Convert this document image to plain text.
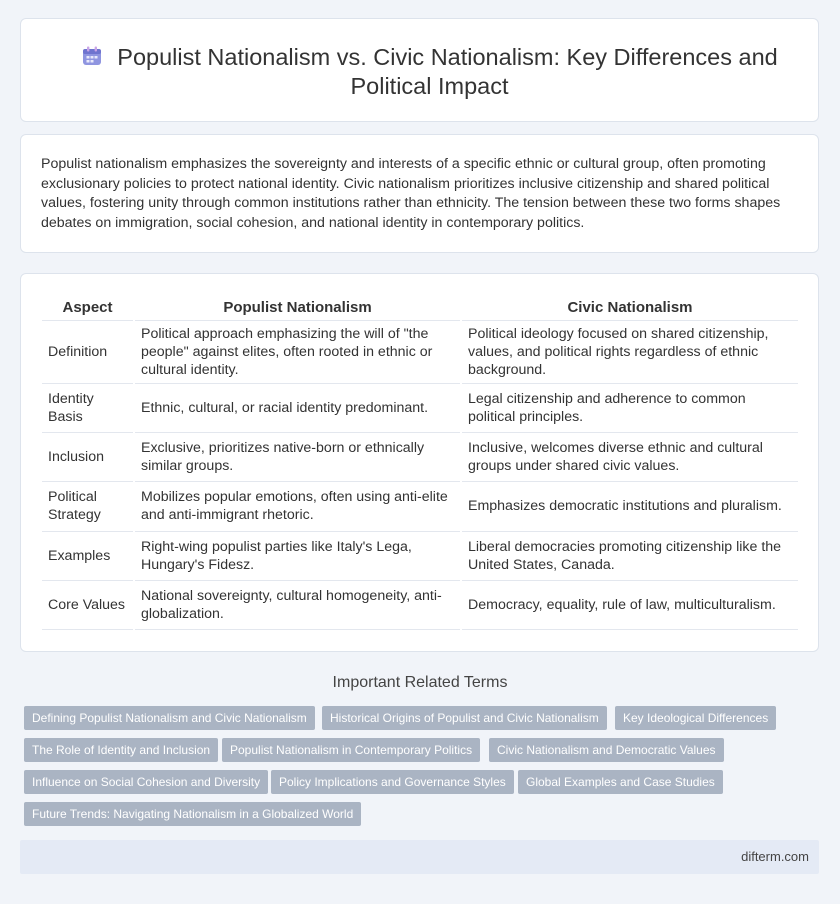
Populist Nationalism vs. Civic Nationalism: Key Differences and Political Impact

Populist nationalism emphasizes the sovereignty and interests of a specific ethnic or cultural group, often promoting exclusionary policies to protect national identity. Civic nationalism prioritizes inclusive citizenship and shared political values, fostering unity through common institutions rather than ethnicity. The tension between these two forms shapes debates on immigration, social cohesion, and national identity in contemporary politics.

Aspect	Populist Nationalism	Civic Nationalism
Definition	Political approach emphasizing the will of "the people" against elites, often rooted in ethnic or cultural identity.	Political ideology focused on shared citizenship, values, and political rights regardless of ethnic background.
Identity Basis	Ethnic, cultural, or racial identity predominant.	Legal citizenship and adherence to common political principles.
Inclusion	Exclusive, prioritizes native-born or ethnically similar groups.	Inclusive, welcomes diverse ethnic and cultural groups under shared civic values.
Political Strategy	Mobilizes popular emotions, often using anti-elite and anti-immigrant rhetoric.	Emphasizes democratic institutions and pluralism.
Examples	Right-wing populist parties like Italy's Lega, Hungary's Fidesz.	Liberal democracies promoting citizenship like the United States, Canada.
Core Values	National sovereignty, cultural homogeneity, anti-globalization.	Democracy, equality, rule of law, multiculturalism.
Important Related Terms
Defining Populist Nationalism and Civic Nationalism	Historical Origins of Populist and Civic Nationalism	Key Ideological Differences
The Role of Identity and Inclusion	Populist Nationalism in Contemporary Politics	Civic Nationalism and Democratic Values
Influence on Social Cohesion and Diversity	Policy Implications and Governance Styles	Global Examples and Case Studies
Future Trends: Navigating Nationalism in a Globalized World
difterm.com
